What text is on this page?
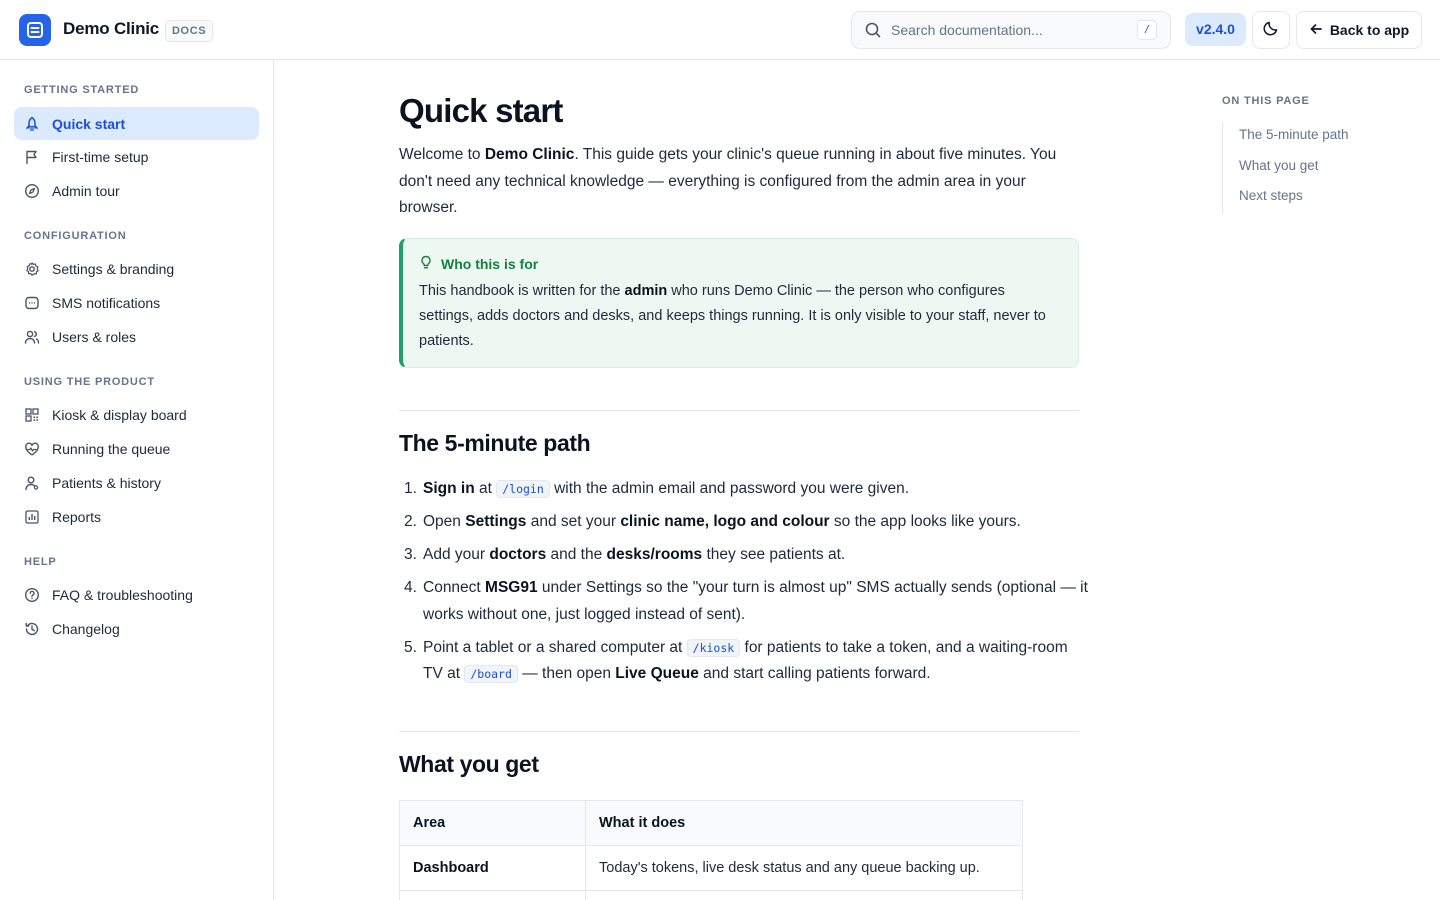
Demo Clinic	DOCS	Search documentation...	/	v2.4.0	Back to app
GETTING STARTED
Quick start
First-time setup
Admin tour
CONFIGURATION
Settings & branding
SMS notifications
Users & roles
USING THE PRODUCT
Kiosk & display board
Running the queue
Patients & history
Reports
HELP
FAQ & troubleshooting
Changelog
Quick start

Welcome to Demo Clinic. This guide gets your clinic's queue running in about five minutes. You don't need any technical knowledge — everything is configured from the admin area in your browser.

Who this is for

This handbook is written for the admin who runs Demo Clinic — the person who configures settings, adds doctors and desks, and keeps things running. It is only visible to your staff, never to patients.

The 5-minute path
1. Sign in at /login with the admin email and password you were given.
2. Open Settings and set your clinic name, logo and colour so the app looks like yours.
3. Add your doctors and the desks/rooms they see patients at.
4. Connect MSG91 under Settings so the "your turn is almost up" SMS actually sends (optional — it works without one, just logged instead of sent).
5. Point a tablet or a shared computer at /kiosk for patients to take a token, and a waiting-room TV at /board — then open Live Queue and start calling patients forward.
What you get
Area	What it does
Dashboard	Today's tokens, live desk status and any queue backing up.

ON THIS PAGE
The 5-minute path
What you get
Next steps
